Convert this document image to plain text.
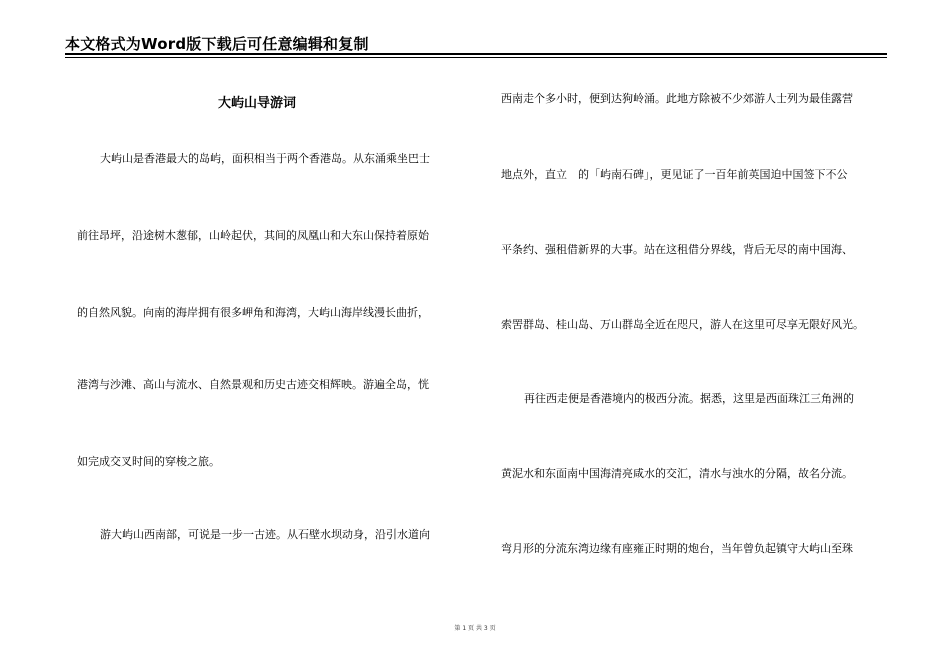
本文格式为Word版下载后可任意编辑和复制
大屿山导游词
大屿山是香港最大的岛屿，面积相当于两个香港岛。从东涌乘坐巴士
前往昂坪，沿途树木葱郁，山岭起伏，其间的凤凰山和大东山保持着原始
的自然风貌。向南的海岸拥有很多岬角和海湾，大屿山海岸线漫长曲折，
港湾与沙滩、高山与流水、自然景观和历史古迹交相辉映。游遍全岛，恍
如完成交叉时间的穿梭之旅。
游大屿山西南部，可说是一步一古迹。从石壁水坝动身，沿引水道向
西南走个多小时，便到达狗岭涌。此地方除被不少郊游人士列为最佳露营
地点外，直立　的「屿南石碑」，更见证了一百年前英国迫中国签下不公
平条约、强租借新界的大事。站在这租借分界线，背后无尽的南中国海、
索罟群岛、桂山岛、万山群岛全近在咫尺，游人在这里可尽享无限好风光。
再往西走便是香港境内的极西分流。据悉，这里是西面珠江三角洲的
黄泥水和东面南中国海清亮咸水的交汇，清水与浊水的分隔，故名分流。
弯月形的分流东湾边缘有座雍正时期的炮台，当年曾负起镇守大屿山至珠
第 1 页 共 3 页
